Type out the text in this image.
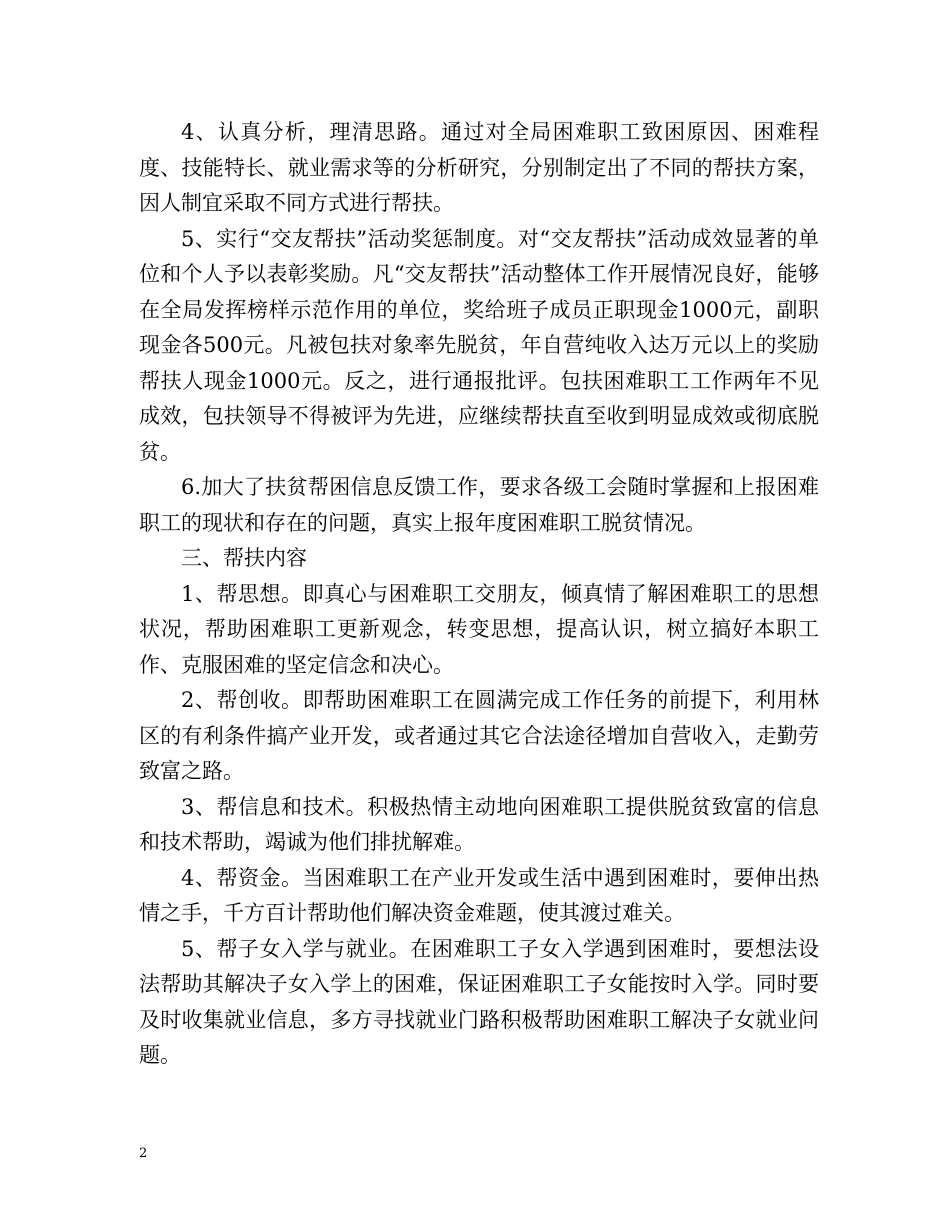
4、认真分析，理清思路。通过对全局困难职工致困原因、困难程度、技能特长、就业需求等的分析研究，分别制定出了不同的帮扶方案，因人制宜采取不同方式进行帮扶。

5、实行“交友帮扶”活动奖惩制度。对“交友帮扶”活动成效显著的单位和个人予以表彰奖励。凡“交友帮扶”活动整体工作开展情况良好，能够在全局发挥榜样示范作用的单位，奖给班子成员正职现金1000元，副职现金各500元。凡被包扶对象率先脱贫，年自营纯收入达万元以上的奖励帮扶人现金1000元。反之，进行通报批评。包扶困难职工工作两年不见成效，包扶领导不得被评为先进，应继续帮扶直至收到明显成效或彻底脱贫。

6.加大了扶贫帮困信息反馈工作，要求各级工会随时掌握和上报困难职工的现状和存在的问题，真实上报年度困难职工脱贫情况。

三、帮扶内容

1、帮思想。即真心与困难职工交朋友，倾真情了解困难职工的思想状况，帮助困难职工更新观念，转变思想，提高认识，树立搞好本职工作、克服困难的坚定信念和决心。

2、帮创收。即帮助困难职工在圆满完成工作任务的前提下，利用林区的有利条件搞产业开发，或者通过其它合法途径增加自营收入，走勤劳致富之路。

3、帮信息和技术。积极热情主动地向困难职工提供脱贫致富的信息和技术帮助，竭诚为他们排扰解难。

4、帮资金。当困难职工在产业开发或生活中遇到困难时，要伸出热情之手，千方百计帮助他们解决资金难题，使其渡过难关。

5、帮子女入学与就业。在困难职工子女入学遇到困难时，要想法设法帮助其解决子女入学上的困难，保证困难职工子女能按时入学。同时要及时收集就业信息，多方寻找就业门路积极帮助困难职工解决子女就业问题。

2
